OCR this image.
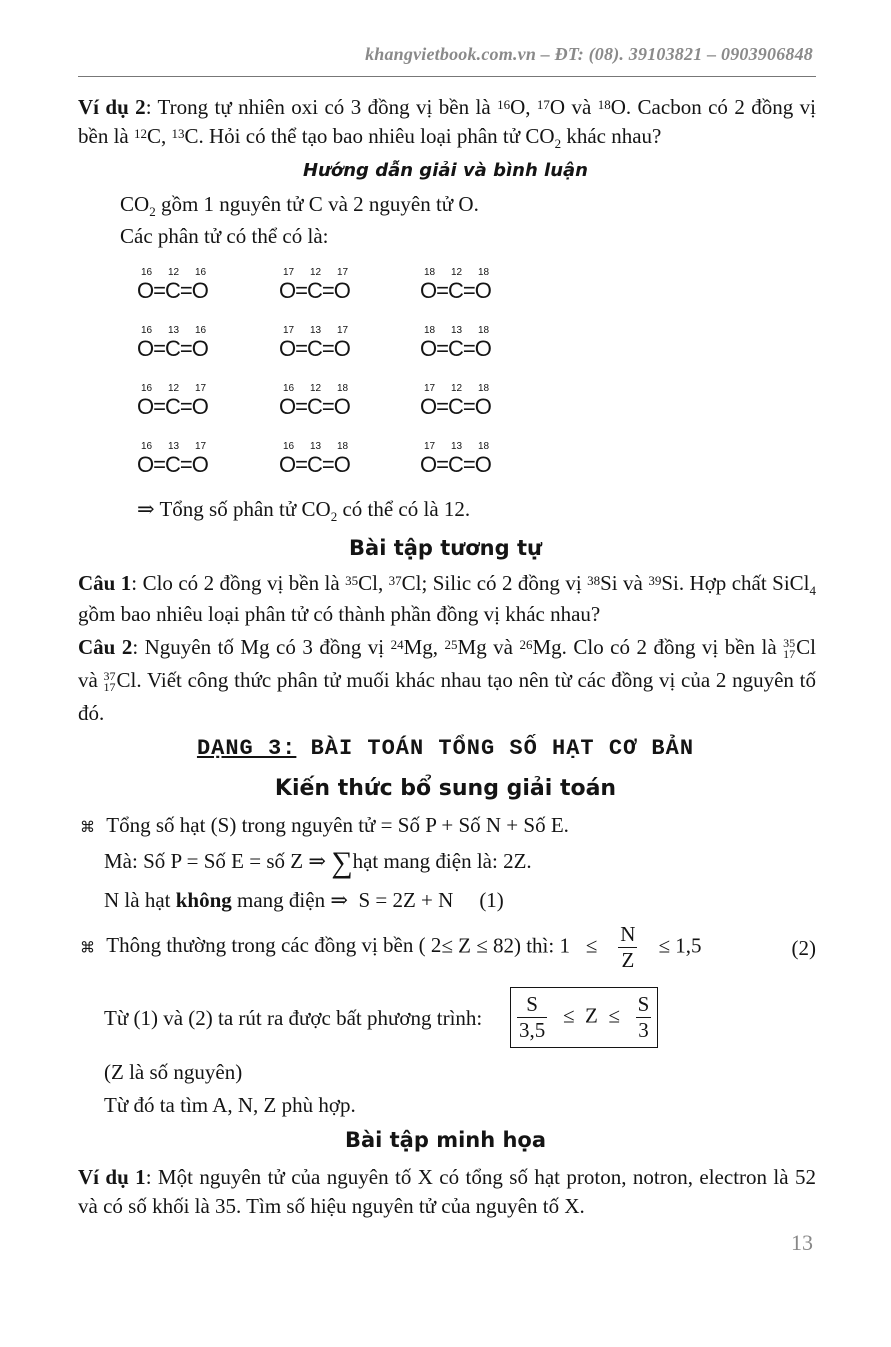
khangvietbook.com.vn – ĐT: (08). 39103821 – 0903906848
Ví dụ 2: Trong tự nhiên oxi có 3 đồng vị bền là $^{16}$O, $^{17}$O và $^{18}$O. Cacbon có 2 đồng vị bền là $^{12}$C, $^{13}$C. Hỏi có thể tạo bao nhiêu loại phân tử $CO_2$ khác nhau?
Hướng dẫn giải và bình luận
$CO_2$ gồm 1 nguyên tử C và 2 nguyên tử O.
Các phân tử có thể có là:
16 12 16
O=C=O
17 12 17
O=C=O
18 12 18
O=C=O
16 13 16
O=C=O
17 13 17
O=C=O
18 13 18
O=C=O
16 12 17
O=C=O
16 12 18
O=C=O
17 12 18
O=C=O
16 13 17
O=C=O
16 13 18
O=C=O
17 13 18
O=C=O
⇒ Tổng số phân tử $CO_2$ có thể có là 12.
Bài tập tương tự
Câu 1: Clo có 2 đồng vị bền là $^{35}$Cl, $^{37}$Cl; Silic có 2 đồng vị $^{38}$Si và $^{39}$Si. Hợp chất SiCl$_4$ gồm bao nhiêu loại phân tử có thành phần đồng vị khác nhau?
Câu 2: Nguyên tố Mg có 3 đồng vị $^{24}$Mg, $^{25}$Mg và $^{26}$Mg. Clo có 2 đồng vị bền là 35
17Cl và 37
17Cl. Viết công thức phân tử muối khác nhau tạo nên từ các đồng vị của 2 nguyên tố đó.
DẠNG 3: BÀI TOÁN TỔNG SỐ HẠT CƠ BẢN
Kiến thức bổ sung giải toán
⌘ Tổng số hạt (S) trong nguyên tử = Số P + Số N + Số E.
Mà: Số P = Số E = số Z ⇒ ∑hạt mang điện là: 2Z.
N là hạt không mang điện ⇒ S = 2Z + N (1)
⌘ Thông thường trong các đồng vị bền ( 2≤ Z ≤ 82) thì: $1 \le \frac{N}{Z} \le 1,5$	(2)
Từ (1) và (2) ta rút ra được bất phương trình: $\frac{S}{3,5} \le Z \le \frac{S}{3}$
(Z là số nguyên)
Từ đó ta tìm A, N, Z phù hợp.
Bài tập minh họa
Ví dụ 1: Một nguyên tử của nguyên tố X có tổng số hạt proton, notron, electron là 52 và có số khối là 35. Tìm số hiệu nguyên tử của nguyên tố X.
13
